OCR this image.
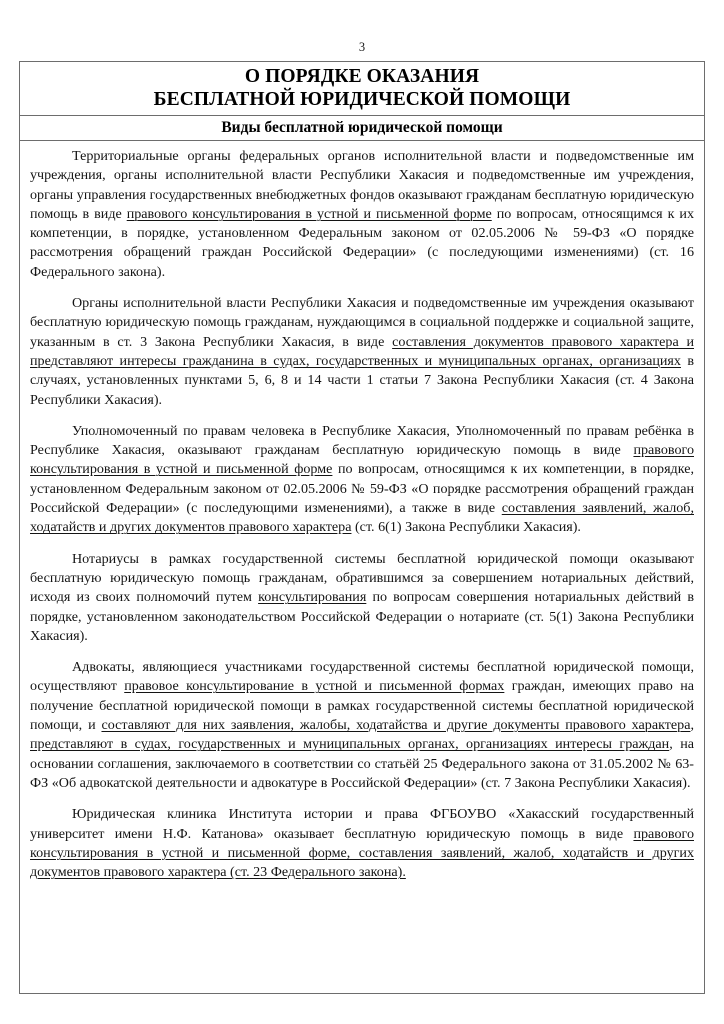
3
О ПОРЯДКЕ ОКАЗАНИЯ
БЕСПЛАТНОЙ ЮРИДИЧЕСКОЙ ПОМОЩИ
Виды бесплатной юридической помощи

Территориальные органы федеральных органов исполнительной власти и подведомственные им учреждения, органы исполнительной власти Республики Хакасия и подведомственные им учреждения, органы управления государственных внебюджетных фондов оказывают гражданам бесплатную юридическую помощь в виде правового консультирования в устной и письменной форме по вопросам, относящимся к их компетенции, в порядке, установленном Федеральным законом от 02.05.2006 № 59-ФЗ «О порядке рассмотрения обращений граждан Российской Федерации» (с последующими изменениями) (ст. 16 Федерального закона).

Органы исполнительной власти Республики Хакасия и подведомственные им учреждения оказывают бесплатную юридическую помощь гражданам, нуждающимся в социальной поддержке и социальной защите, указанным в ст. 3 Закона Республики Хакасия, в виде составления документов правового характера и представляют интересы гражданина в судах, государственных и муниципальных органах, организациях в случаях, установленных пунктами 5, 6, 8 и 14 части 1 статьи 7 Закона Республики Хакасия (ст. 4 Закона Республики Хакасия).

Уполномоченный по правам человека в Республике Хакасия, Уполномоченный по правам ребёнка в Республике Хакасия, оказывают гражданам бесплатную юридическую помощь в виде правового консультирования в устной и письменной форме по вопросам, относящимся к их компетенции, в порядке, установленном Федеральным законом от 02.05.2006 № 59-ФЗ «О порядке рассмотрения обращений граждан Российской Федерации» (с последующими изменениями), а также в виде составления заявлений, жалоб, ходатайств и других документов правового характера (ст. 6(1) Закона Республики Хакасия).

Нотариусы в рамках государственной системы бесплатной юридической помощи оказывают бесплатную юридическую помощь гражданам, обратившимся за совершением нотариальных действий, исходя из своих полномочий путем консультирования по вопросам совершения нотариальных действий в порядке, установленном законодательством Российской Федерации о нотариате (ст. 5(1) Закона Республики Хакасия).

Адвокаты, являющиеся участниками государственной системы бесплатной юридической помощи, осуществляют правовое консультирование в устной и письменной формах граждан, имеющих право на получение бесплатной юридической помощи в рамках государственной системы бесплатной юридической помощи, и составляют для них заявления, жалобы, ходатайства и другие документы правового характера, представляют в судах, государственных и муниципальных органах, организациях интересы граждан, на основании соглашения, заключаемого в соответствии со статьёй 25 Федерального закона от 31.05.2002 № 63-ФЗ «Об адвокатской деятельности и адвокатуре в Российской Федерации» (ст. 7 Закона Республики Хакасия).

Юридическая клиника Института истории и права ФГБОУВО «Хакасский государственный университет имени Н.Ф. Катанова» оказывает бесплатную юридическую помощь в виде правового консультирования в устной и письменной форме, составления заявлений, жалоб, ходатайств и других документов правового характера (ст. 23 Федерального закона).
